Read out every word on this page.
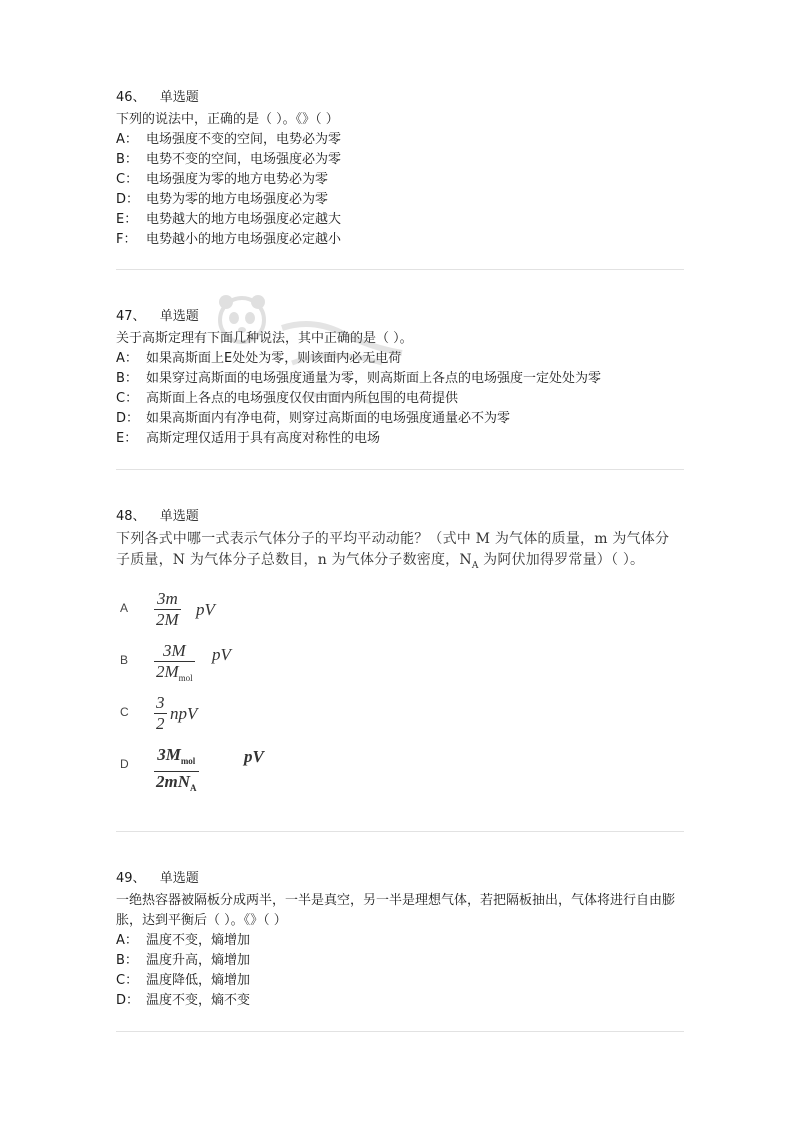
46、 单选题
下列的说法中，正确的是（ ）。《》（ ）
A： 电场强度不变的空间，电势必为零
B： 电势不变的空间，电场强度必为零
C： 电场强度为零的地方电势必为零
D： 电势为零的地方电场强度必为零
E： 电势越大的地方电场强度必定越大
F： 电势越小的地方电场强度必定越小
47、 单选题
关于高斯定理有下面几种说法，其中正确的是（ ）。
A： 如果高斯面上E处处为零，则该面内必无电荷
B： 如果穿过高斯面的电场强度通量为零，则高斯面上各点的电场强度一定处处为零
C： 高斯面上各点的电场强度仅仅由面内所包围的电荷提供
D： 如果高斯面内有净电荷，则穿过高斯面的电场强度通量必不为零
E： 高斯定理仅适用于具有高度对称性的电场
48、 单选题
下列各式中哪一式表示气体分子的平均平动动能？（式中 M 为气体的质量，m 为气体分
子质量，N 为气体分子总数目，n 为气体分子数密度，$N_A$ 为阿伏加得罗常量）（ ）。
A 3m
2M
pV
B	3M
$2M_{mol}$
pV
C 3
2
npV
D $3M_{mol}$
$2mN_A$
pV
49、 单选题
一绝热容器被隔板分成两半，一半是真空，另一半是理想气体，若把隔板抽出，气体将进行自由膨胀，达到平衡后（ ）。《》（ ）
A： 温度不变，熵增加
B： 温度升高，熵增加
C： 温度降低，熵增加
D： 温度不变，熵不变
